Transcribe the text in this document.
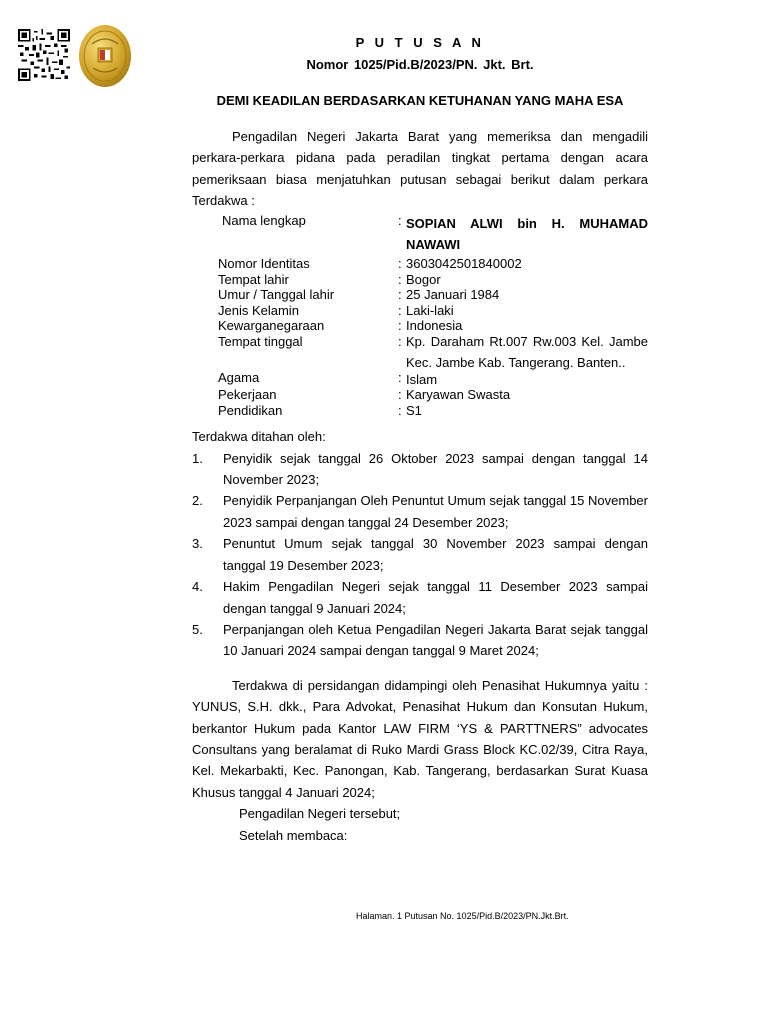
P U T U S A N
Nomor 1025/Pid.B/2023/PN. Jkt. Brt.
DEMI KEADILAN BERDASARKAN KETUHANAN YANG MAHA ESA

Pengadilan Negeri Jakarta Barat yang memeriksa dan mengadili perkara-perkara pidana pada peradilan tingkat pertama dengan acara pemeriksaan biasa menjatuhkan putusan sebagai berikut dalam perkara Terdakwa :

Nama lengkap	: SOPIAN ALWI bin H. MUHAMAD NAWAWI
Nomor Identitas	: 3603042501840002
Tempat lahir	: Bogor
Umur / Tanggal lahir	: 25 Januari 1984
Jenis Kelamin	: Laki-laki
Kewarganegaraan	: Indonesia
Tempat tinggal	: Kp. Daraham Rt.007 Rw.003 Kel. Jambe Kec. Jambe Kab. Tangerang. Banten..
Agama	: Islam
Pekerjaan	: Karyawan Swasta
Pendidikan	: S1

Terdakwa ditahan oleh:

1.	Penyidik sejak tanggal 26 Oktober 2023 sampai dengan tanggal 14 November 2023;
2.	Penyidik Perpanjangan Oleh Penuntut Umum sejak tanggal 15 November 2023 sampai dengan tanggal 24 Desember 2023;
3.	Penuntut Umum sejak tanggal 30 November 2023 sampai dengan tanggal 19 Desember 2023;
4.	Hakim Pengadilan Negeri sejak tanggal 11 Desember 2023 sampai dengan tanggal 9 Januari 2024;
5.	Perpanjangan oleh Ketua Pengadilan Negeri Jakarta Barat sejak tanggal 10 Januari 2024 sampai dengan tanggal 9 Maret 2024;

Terdakwa di persidangan didampingi oleh Penasihat Hukumnya yaitu : YUNUS, S.H. dkk., Para Advokat, Penasihat Hukum dan Konsutan Hukum, berkantor Hukum pada Kantor LAW FIRM ‘YS & PARTTNERS” advocates Consultans yang beralamat di Ruko Mardi Grass Block KC.02/39, Citra Raya, Kel. Mekarbakti, Kec. Panongan, Kab. Tangerang, berdasarkan Surat Kuasa Khusus tanggal 4 Januari 2024;

Pengadilan Negeri tersebut;

Setelah membaca:

Halaman. 1 Putusan No. 1025/Pid.B/2023/PN.Jkt.Brt.
